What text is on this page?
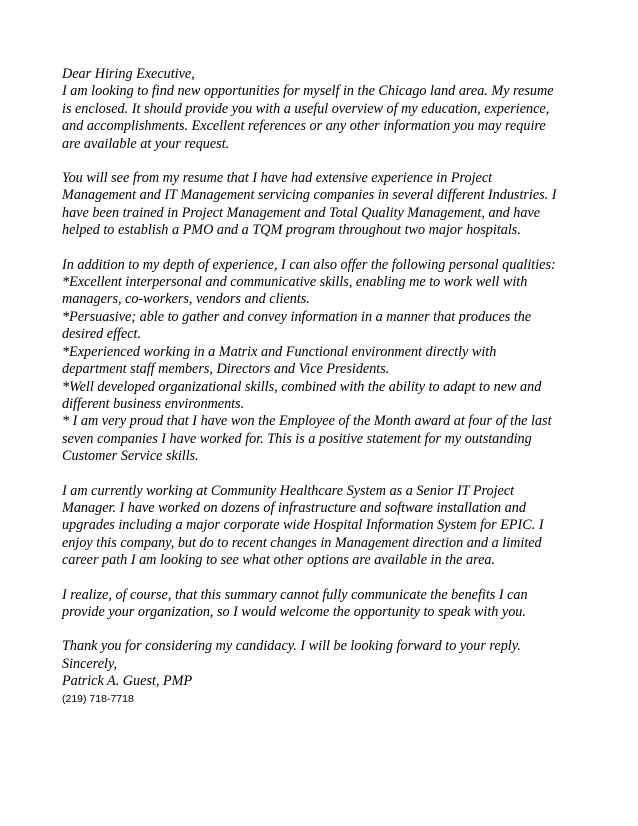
Dear Hiring Executive,
I am looking to find new opportunities for myself in the Chicago land area. My resume
is enclosed. It should provide you with a useful overview of my education, experience,
and accomplishments. Excellent references or any other information you may require
are available at your request.
You will see from my resume that I have had extensive experience in Project
Management and IT Management servicing companies in several different Industries. I
have been trained in Project Management and Total Quality Management, and have
helped to establish a PMO and a TQM program throughout two major hospitals.
In addition to my depth of experience, I can also offer the following personal qualities:
*Excellent interpersonal and communicative skills, enabling me to work well with
managers, co-workers, vendors and clients.
*Persuasive; able to gather and convey information in a manner that produces the
desired effect.
*Experienced working in a Matrix and Functional environment directly with
department staff members, Directors and Vice Presidents.
*Well developed organizational skills, combined with the ability to adapt to new and
different business environments.
* I am very proud that I have won the Employee of the Month award at four of the last
seven companies I have worked for. This is a positive statement for my outstanding
Customer Service skills.
I am currently working at Community Healthcare System as a Senior IT Project
Manager. I have worked on dozens of infrastructure and software installation and
upgrades including a major corporate wide Hospital Information System for EPIC. I
enjoy this company, but do to recent changes in Management direction and a limited
career path I am looking to see what other options are available in the area.
I realize, of course, that this summary cannot fully communicate the benefits I can
provide your organization, so I would welcome the opportunity to speak with you.
Thank you for considering my candidacy. I will be looking forward to your reply.
Sincerely,
Patrick A. Guest, PMP
(219) 718-7718
